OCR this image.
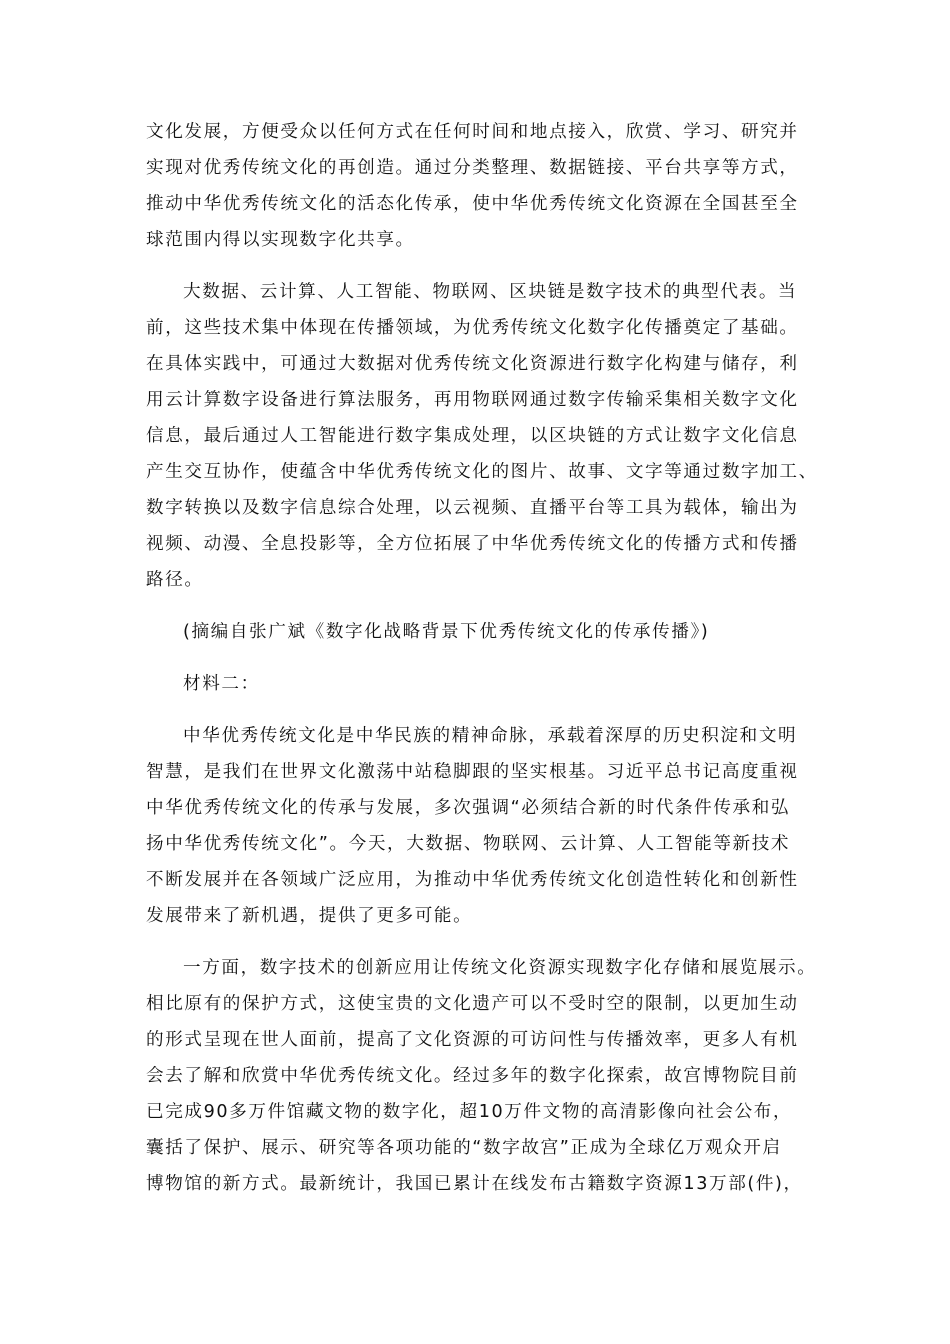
文化发展，方便受众以任何方式在任何时间和地点接入，欣赏、学习、研究并
实现对优秀传统文化的再创造。通过分类整理、数据链接、平台共享等方式，
推动中华优秀传统文化的活态化传承，使中华优秀传统文化资源在全国甚至全
球范围内得以实现数字化共享。
大数据、云计算、人工智能、物联网、区块链是数字技术的典型代表。当
前，这些技术集中体现在传播领域，为优秀传统文化数字化传播奠定了基础。
在具体实践中，可通过大数据对优秀传统文化资源进行数字化构建与储存，利
用云计算数字设备进行算法服务，再用物联网通过数字传输采集相关数字文化
信息，最后通过人工智能进行数字集成处理，以区块链的方式让数字文化信息
产生交互协作，使蕴含中华优秀传统文化的图片、故事、文字等通过数字加工、
数字转换以及数字信息综合处理，以云视频、直播平台等工具为载体，输出为
视频、动漫、全息投影等，全方位拓展了中华优秀传统文化的传播方式和传播
路径。
(摘编自张广斌《数字化战略背景下优秀传统文化的传承传播》)
材料二：
中华优秀传统文化是中华民族的精神命脉，承载着深厚的历史积淀和文明
智慧，是我们在世界文化激荡中站稳脚跟的坚实根基。习近平总书记高度重视
中华优秀传统文化的传承与发展，多次强调“必须结合新的时代条件传承和弘
扬中华优秀传统文化”。今天，大数据、物联网、云计算、人工智能等新技术
不断发展并在各领域广泛应用，为推动中华优秀传统文化创造性转化和创新性
发展带来了新机遇，提供了更多可能。
一方面，数字技术的创新应用让传统文化资源实现数字化存储和展览展示。
相比原有的保护方式，这使宝贵的文化遗产可以不受时空的限制，以更加生动
的形式呈现在世人面前，提高了文化资源的可访问性与传播效率，更多人有机
会去了解和欣赏中华优秀传统文化。经过多年的数字化探索，故宫博物院目前
已完成90多万件馆藏文物的数字化，超10万件文物的高清影像向社会公布，
囊括了保护、展示、研究等各项功能的“数字故宫”正成为全球亿万观众开启
博物馆的新方式。最新统计，我国已累计在线发布古籍数字资源13万部(件)，
